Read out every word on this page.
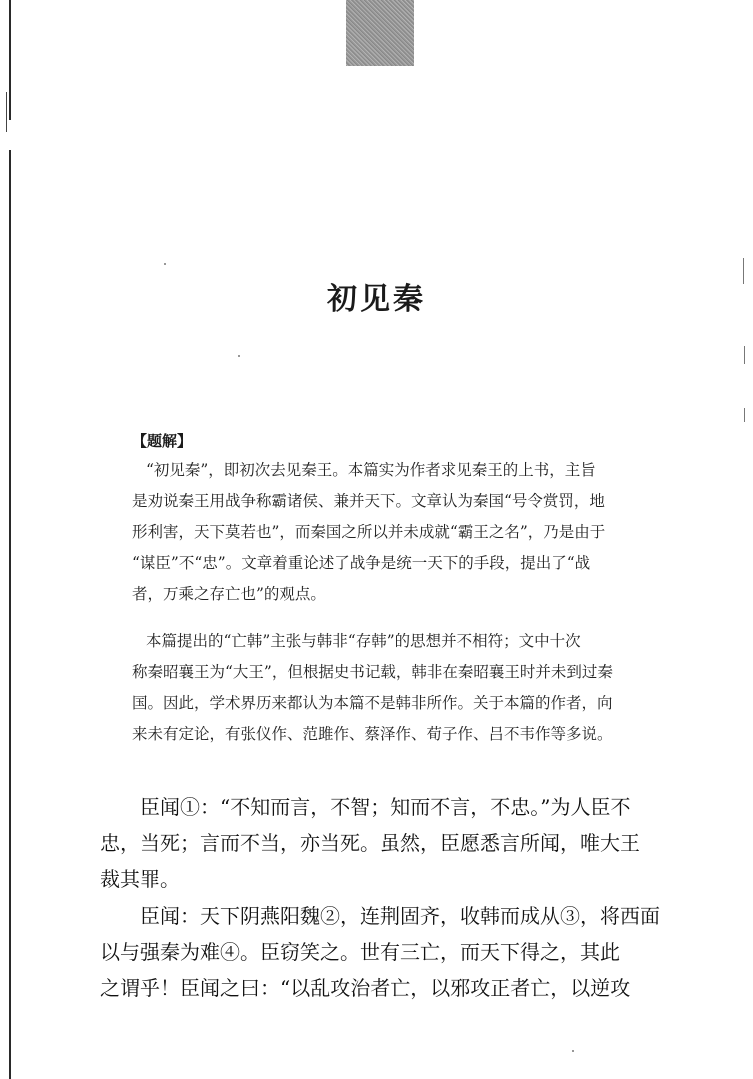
初见秦
【题解】

“初见秦”，即初次去见秦王。本篇实为作者求见秦王的上书，主旨
是劝说秦王用战争称霸诸侯、兼并天下。文章认为秦国“号令赏罚，地
形利害，天下莫若也”，而秦国之所以并未成就“霸王之名”，乃是由于
“谋臣”不“忠”。文章着重论述了战争是统一天下的手段，提出了“战
者，万乘之存亡也”的观点。

本篇提出的“亡韩”主张与韩非“存韩”的思想并不相符；文中十次
称秦昭襄王为“大王”，但根据史书记载，韩非在秦昭襄王时并未到过秦
国。因此，学术界历来都认为本篇不是韩非所作。关于本篇的作者，向
来未有定论，有张仪作、范雎作、蔡泽作、荀子作、吕不韦作等多说。

臣闻①：“不知而言，不智；知而不言，不忠。”为人臣不
忠，当死；言而不当，亦当死。虽然，臣愿悉言所闻，唯大王
裁其罪。

臣闻：天下阴燕阳魏②，连荆固齐，收韩而成从③，将西面
以与强秦为难④。臣窃笑之。世有三亡，而天下得之，其此
之谓乎！臣闻之曰：“以乱攻治者亡，以邪攻正者亡，以逆攻
